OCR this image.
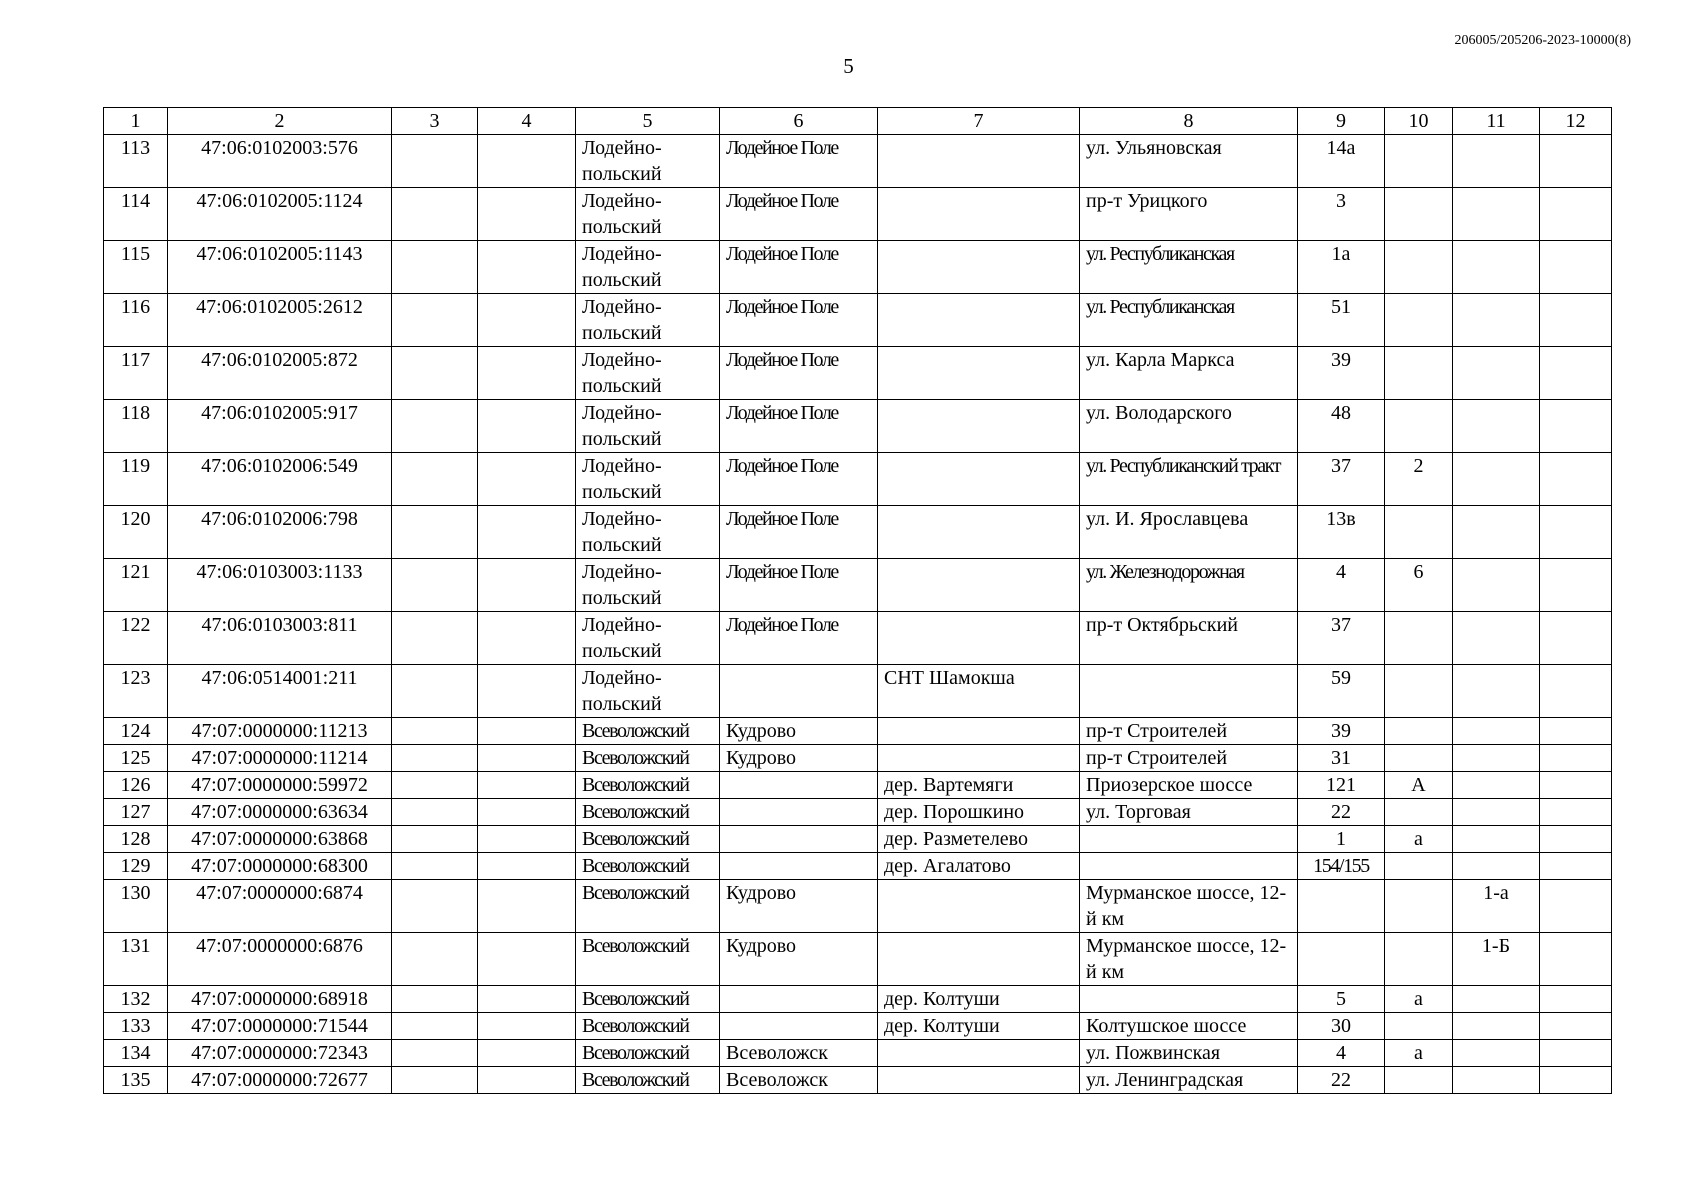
206005/205206-2023-10000(8)
5
1	2	3	4	5	6	7	8	9	10	11	12
113	47:06:0102003:576			Лодейно-польский	Лодейное Поле		ул. Ульяновская	14а			
114	47:06:0102005:1124			Лодейно-польский	Лодейное Поле		пр-т Урицкого	3			
115	47:06:0102005:1143			Лодейно-польский	Лодейное Поле		ул. Республиканская	1а			
116	47:06:0102005:2612			Лодейно-польский	Лодейное Поле		ул. Республиканская	51			
117	47:06:0102005:872			Лодейно-польский	Лодейное Поле		ул. Карла Маркса	39			
118	47:06:0102005:917			Лодейно-польский	Лодейное Поле		ул. Володарского	48			
119	47:06:0102006:549			Лодейно-польский	Лодейное Поле		ул. Республиканский тракт	37	2		
120	47:06:0102006:798			Лодейно-польский	Лодейное Поле		ул. И. Ярославцева	13в			
121	47:06:0103003:1133			Лодейно-польский	Лодейное Поле		ул. Железнодорожная	4	6		
122	47:06:0103003:811			Лодейно-польский	Лодейное Поле		пр-т Октябрьский	37			
123	47:06:0514001:211			Лодейно-польский		СНТ Шамокша		59			
124	47:07:0000000:11213			Всеволожский	Кудрово		пр-т Строителей	39			
125	47:07:0000000:11214			Всеволожский	Кудрово		пр-т Строителей	31			
126	47:07:0000000:59972			Всеволожский		дер. Вартемяги	Приозерское шоссе	121	А		
127	47:07:0000000:63634			Всеволожский		дер. Порошкино	ул. Торговая	22			
128	47:07:0000000:63868			Всеволожский		дер. Разметелево		1	а		
129	47:07:0000000:68300			Всеволожский		дер. Агалатово		154/155			
130	47:07:0000000:6874			Всеволожский	Кудрово		Мурманское шоссе, 12-й км			1-а	
131	47:07:0000000:6876			Всеволожский	Кудрово		Мурманское шоссе, 12-й км			1-Б	
132	47:07:0000000:68918			Всеволожский		дер. Колтуши		5	а		
133	47:07:0000000:71544			Всеволожский		дер. Колтуши	Колтушское шоссе	30			
134	47:07:0000000:72343			Всеволожский	Всеволожск		ул. Пожвинская	4	а		
135	47:07:0000000:72677			Всеволожский	Всеволожск		ул. Ленинградская	22			
